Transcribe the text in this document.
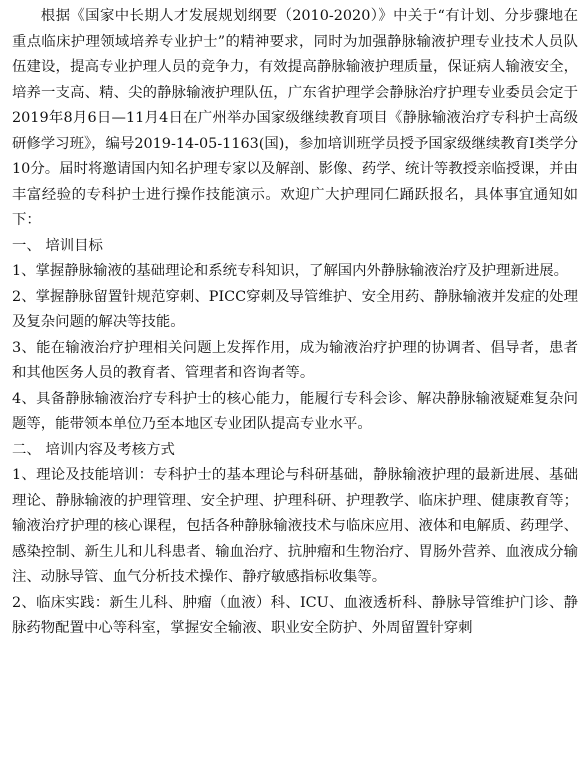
根据《国家中长期人才发展规划纲要（2010-2020）》中关于“有计划、分步骤地在重点临床护理领域培养专业护士”的精神要求，同时为加强静脉输液护理专业技术人员队伍建设，提高专业护理人员的竞争力，有效提高静脉输液护理质量，保证病人输液安全，培养一支高、精、尖的静脉输液护理队伍，广东省护理学会静脉治疗护理专业委员会定于2019年8月6日—11月4日在广州举办国家级继续教育项目《静脉输液治疗专科护士高级研修学习班》，编号2019-14-05-1163(国)，参加培训班学员授予国家级继续教育Ⅰ类学分10分。届时将邀请国内知名护理专家以及解剖、影像、药学、统计等教授亲临授课，并由丰富经验的专科护士进行操作技能演示。欢迎广大护理同仁踊跃报名，具体事宜通知如下：

一、 培训目标

1、掌握静脉输液的基础理论和系统专科知识，了解国内外静脉输液治疗及护理新进展。

2、掌握静脉留置针规范穿刺、PICC穿刺及导管维护、安全用药、静脉输液并发症的处理及复杂问题的解决等技能。

3、能在输液治疗护理相关问题上发挥作用，成为输液治疗护理的协调者、倡导者，患者和其他医务人员的教育者、管理者和咨询者等。

4、具备静脉输液治疗专科护士的核心能力，能履行专科会诊、解决静脉输液疑难复杂问题等，能带领本单位乃至本地区专业团队提高专业水平。

二、 培训内容及考核方式

1、理论及技能培训：专科护士的基本理论与科研基础，静脉输液护理的最新进展、基础理论、静脉输液的护理管理、安全护理、护理科研、护理教学、临床护理、健康教育等；输液治疗护理的核心课程，包括各种静脉输液技术与临床应用、液体和电解质、药理学、感染控制、新生儿和儿科患者、输血治疗、抗肿瘤和生物治疗、胃肠外营养、血液成分输注、动脉导管、血气分析技术操作、静疗敏感指标收集等。

2、临床实践：新生儿科、肿瘤（血液）科、ICU、血液透析科、静脉导管维护门诊、静脉药物配置中心等科室，掌握安全输液、职业安全防护、外周留置针穿刺
